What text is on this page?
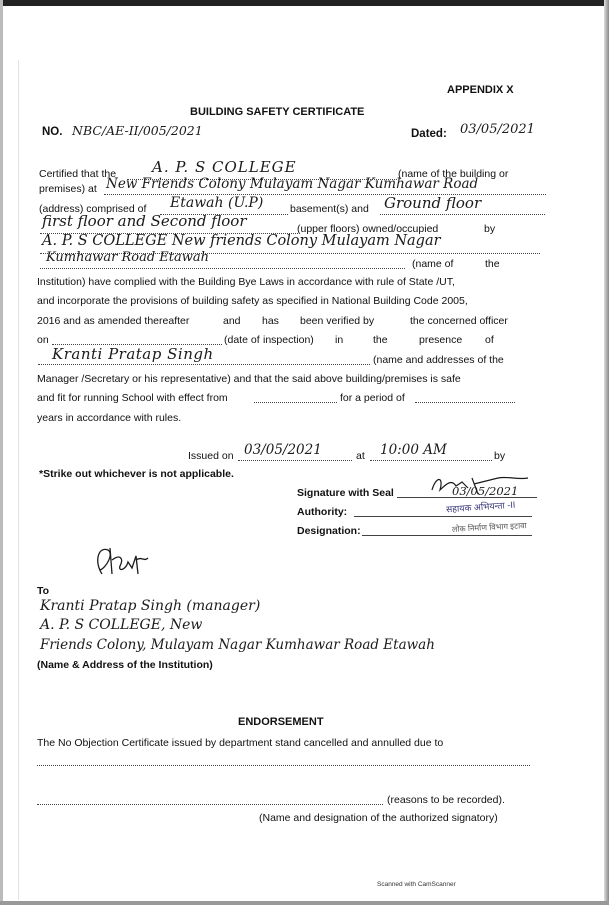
APPENDIX X
BUILDING SAFETY CERTIFICATE
NO. NBC/AE-II/005/2021	Dated: 03/05/2021
Certified that the A. P. S COLLEGE	(name of the building or
premises) at New Friends Colony Mulayam Nagar Kumhawar Road
(address) comprised of Etawah (U.P)	basement(s) and Ground floor
first floor and Second floor	(upper floors) owned/occupied	by
A. P. S COLLEGE New friends Colony Mulayam Nagar
Kumhawar Road Etawah	(name of	the
Institution) have complied with the Building Bye Laws in accordance with rule of State /UT,
and incorporate the provisions of building safety as specified in National Building Code 2005,
2016 and as amended thereafter	and has been verified by	the concerned officer
on	(date of inspection) in	the	presence of
Kranti Pratap Singh	(name and addresses of the
Manager /Secretary or his representative) and that the said above building/premises is safe
and fit for running School with effect from	for a period of
years in accordance with rules.
Issued on 03/05/2021	at 10:00 AM	by
*Strike out whichever is not applicable.
Signature with Seal	03/05/2021
Authority:	सहायक अभियन्ता -II
Designation:	लोक निर्माण विभाग इटावा
To
Kranti Pratap Singh (manager)
A. P. S COLLEGE, New
Friends Colony, Mulayam Nagar Kumhawar Road Etawah
(Name & Address of the Institution)
ENDORSEMENT
The No Objection Certificate issued by department stand cancelled and annulled due to
(reasons to be recorded).
(Name and designation of the authorized signatory)
Scanned with CamScanner
